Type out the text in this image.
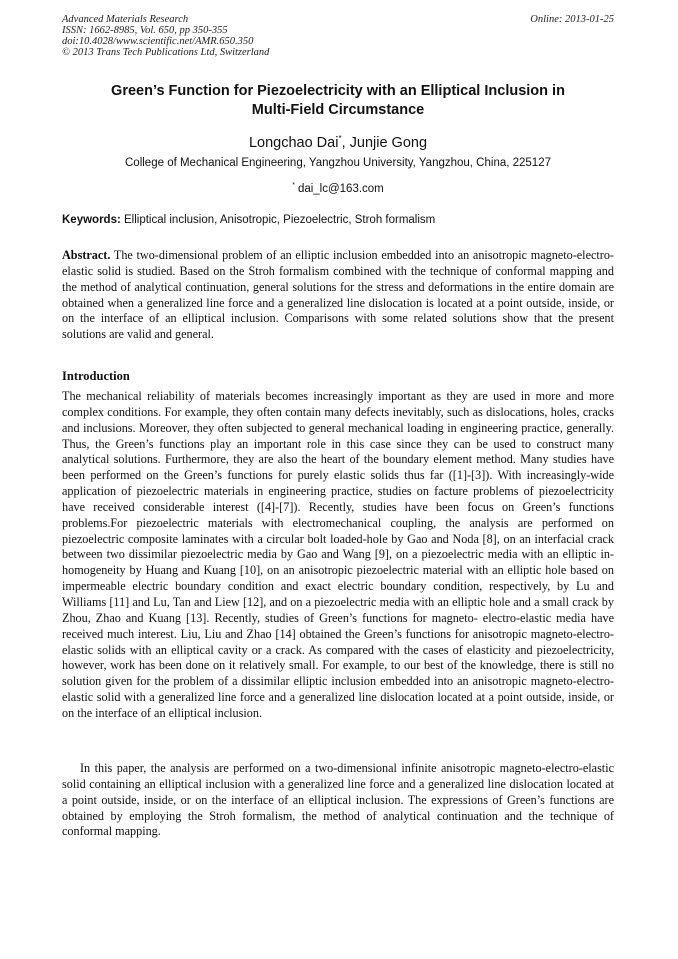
Advanced Materials Research
ISSN: 1662-8985, Vol. 650, pp 350-355
doi:10.4028/www.scientific.net/AMR.650.350
© 2013 Trans Tech Publications Ltd, Switzerland
Online: 2013-01-25
Green’s Function for Piezoelectricity with an Elliptical Inclusion in
Multi-Field Circumstance
Longchao Dai*, Junjie Gong
College of Mechanical Engineering, Yangzhou University, Yangzhou, China, 225127
* dai_lc@163.com
Keywords: Elliptical inclusion, Anisotropic, Piezoelectric, Stroh formalism
Abstract. The two-dimensional problem of an elliptic inclusion embedded into an anisotropic magneto-electro-elastic solid is studied. Based on the Stroh formalism combined with the technique of conformal mapping and the method of analytical continuation, general solutions for the stress and deformations in the entire domain are obtained when a generalized line force and a generalized line dislocation is located at a point outside, inside, or on the interface of an elliptical inclusion. Comparisons with some related solutions show that the present solutions are valid and general.
Introduction
The mechanical reliability of materials becomes increasingly important as they are used in more and more complex conditions. For example, they often contain many defects inevitably, such as dislocations, holes, cracks and inclusions. Moreover, they often subjected to general mechanical loading in engineering practice, generally. Thus, the Green’s functions play an important role in this case since they can be used to construct many analytical solutions. Furthermore, they are also the heart of the boundary element method. Many studies have been performed on the Green’s functions for purely elastic solids thus far ([1]-[3]). With increasingly-wide application of piezoelectric materials in engineering practice, studies on facture problems of piezoelectricity have received considerable interest ([4]-[7]). Recently, studies have been focus on Green’s functions problems.For piezoelectric materials with electromechanical coupling, the analysis are performed on piezoelectric composite laminates with a circular bolt loaded-hole by Gao and Noda [8], on an interfacial crack between two dissimilar piezoelectric media by Gao and Wang [9], on a piezoelectric media with an elliptic in-homogeneity by Huang and Kuang [10], on an anisotropic piezoelectric material with an elliptic hole based on impermeable electric boundary condition and exact electric boundary condition, respectively, by Lu and Williams [11] and Lu, Tan and Liew [12], and on a piezoelectric media with an elliptic hole and a small crack by Zhou, Zhao and Kuang [13]. Recently, studies of Green’s functions for magneto- electro-elastic media have received much interest. Liu, Liu and Zhao [14] obtained the Green’s functions for anisotropic magneto-electro-elastic solids with an elliptical cavity or a crack. As compared with the cases of elasticity and piezoelectricity, however, work has been done on it relatively small. For example, to our best of the knowledge, there is still no solution given for the problem of a dissimilar elliptic inclusion embedded into an anisotropic magneto-electro-elastic solid with a generalized line force and a generalized line dislocation located at a point outside, inside, or on the interface of an elliptical inclusion.
In this paper, the analysis are performed on a two-dimensional infinite anisotropic magneto-electro-elastic solid containing an elliptical inclusion with a generalized line force and a generalized line dislocation located at a point outside, inside, or on the interface of an elliptical inclusion. The expressions of Green’s functions are obtained by employing the Stroh formalism, the method of analytical continuation and the technique of conformal mapping.
